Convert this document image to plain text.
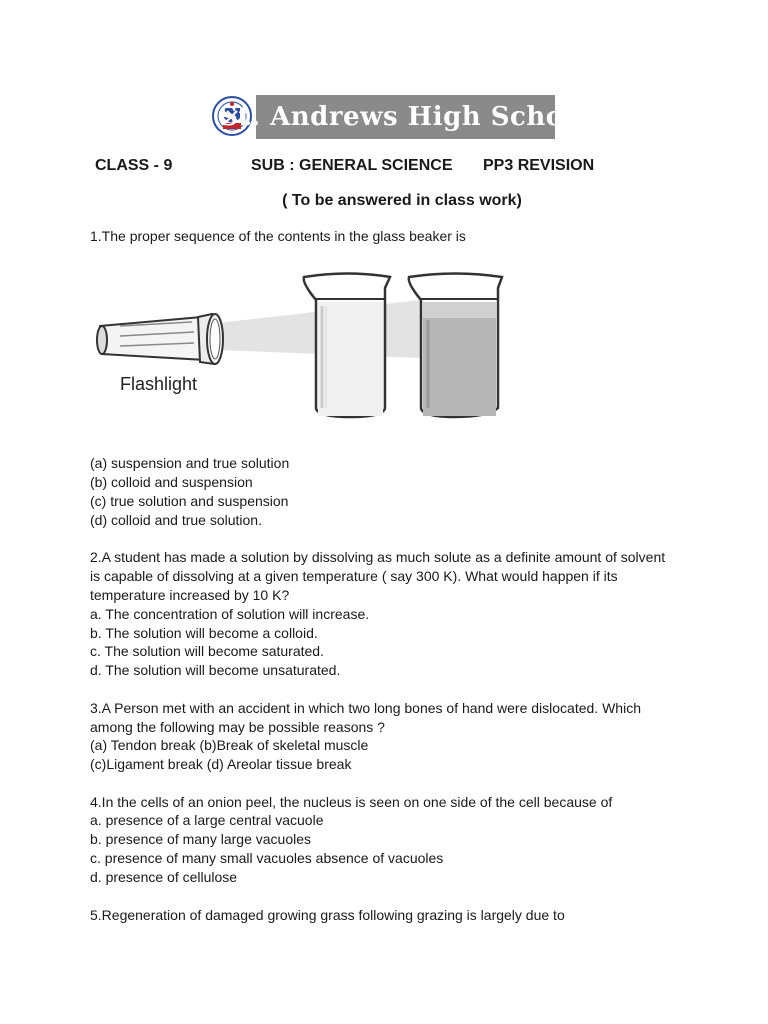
St. Andrews High School
CLASS - 9	SUB : GENERAL SCIENCE PP3 REVISION
( To be answered in class work)
1.The proper sequence of the contents in the glass beaker is
Flashlight
(a) suspension and true solution
(b) colloid and suspension
(c) true solution and suspension
(d) colloid and true solution.
2.A student has made a solution by dissolving as much solute as a definite amount of solvent
is capable of dissolving at a given temperature ( say 300 K). What would happen if its
temperature increased by 10 K?
a. The concentration of solution will increase.
b. The solution will become a colloid.
c. The solution will become saturated.
d. The solution will become unsaturated.
3.A Person met with an accident in which two long bones of hand were dislocated. Which
among the following may be possible reasons ?
(a) Tendon break (b)Break of skeletal muscle
(c)Ligament break (d) Areolar tissue break
4.In the cells of an onion peel, the nucleus is seen on one side of the cell because of
a. presence of a large central vacuole
b. presence of many large vacuoles
c. presence of many small vacuoles absence of vacuoles
d. presence of cellulose
5.Regeneration of damaged growing grass following grazing is largely due to
